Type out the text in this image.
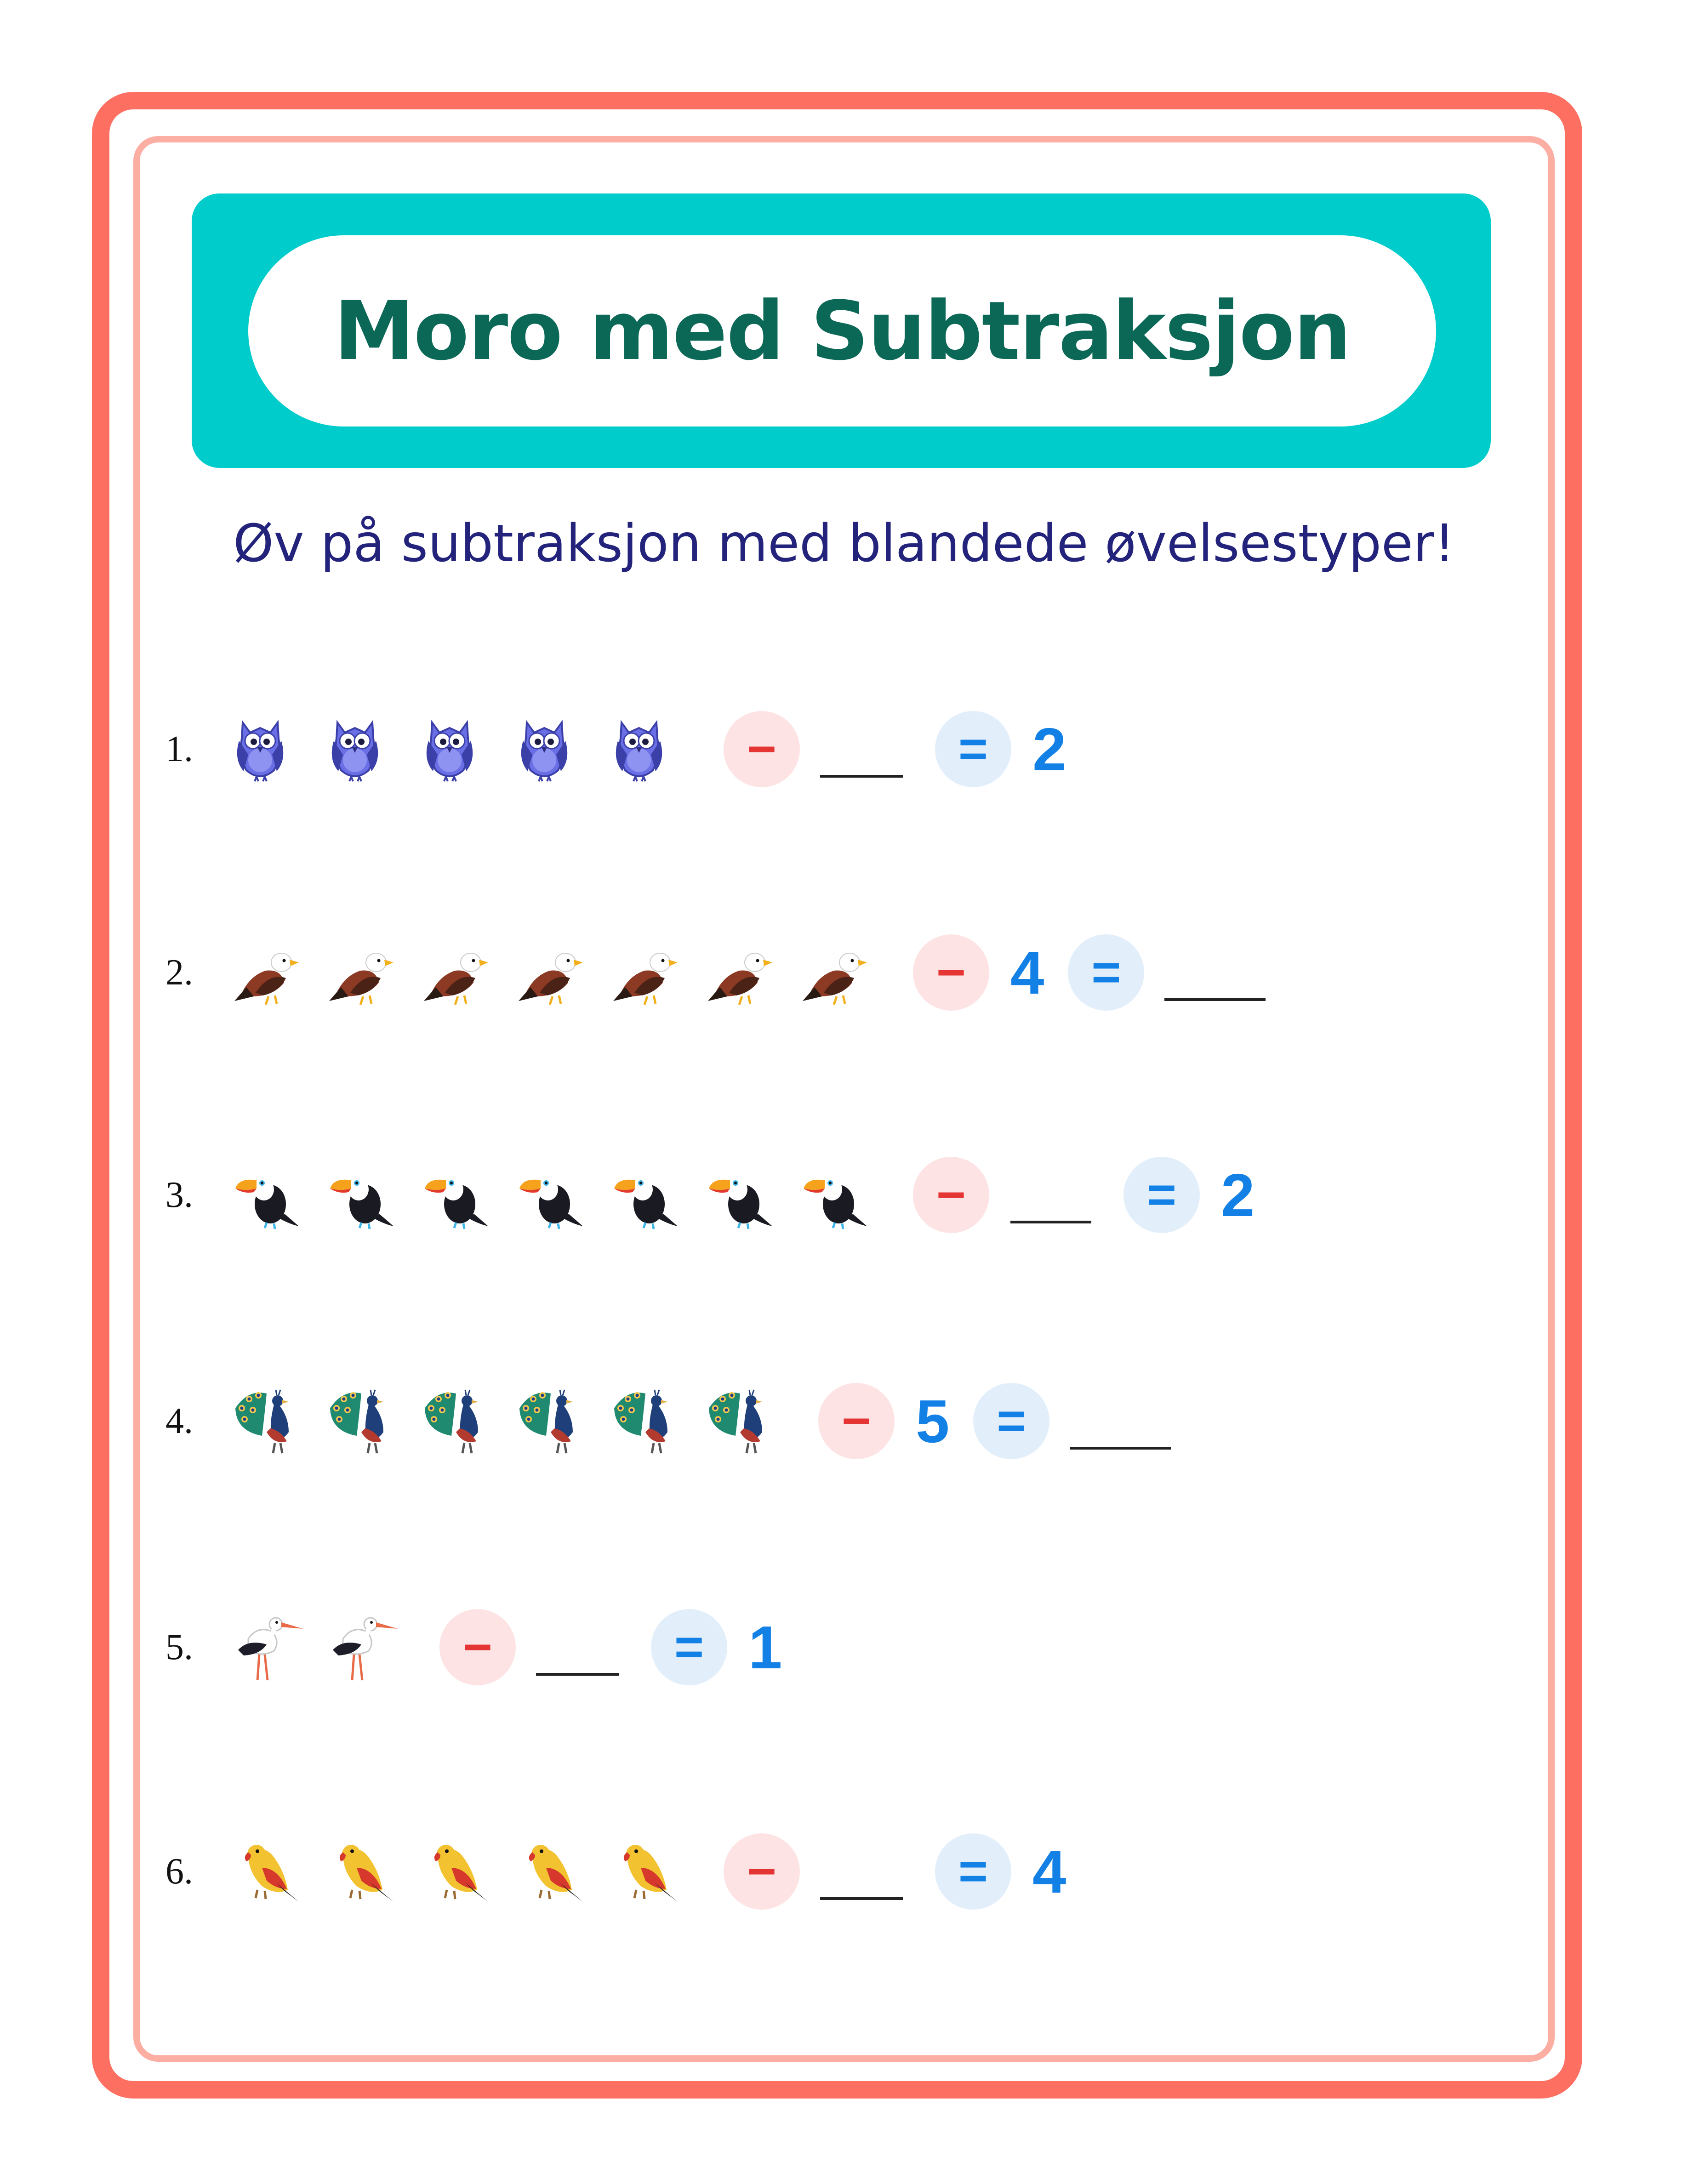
Moro med Subtraksjon
Øv på subtraksjon med blandede øvelsestyper!
1.	−	= 2
2.	− 4 =
3.	−	= 2
4.	− 5 =
5.	−	= 1
6.	−	= 4
